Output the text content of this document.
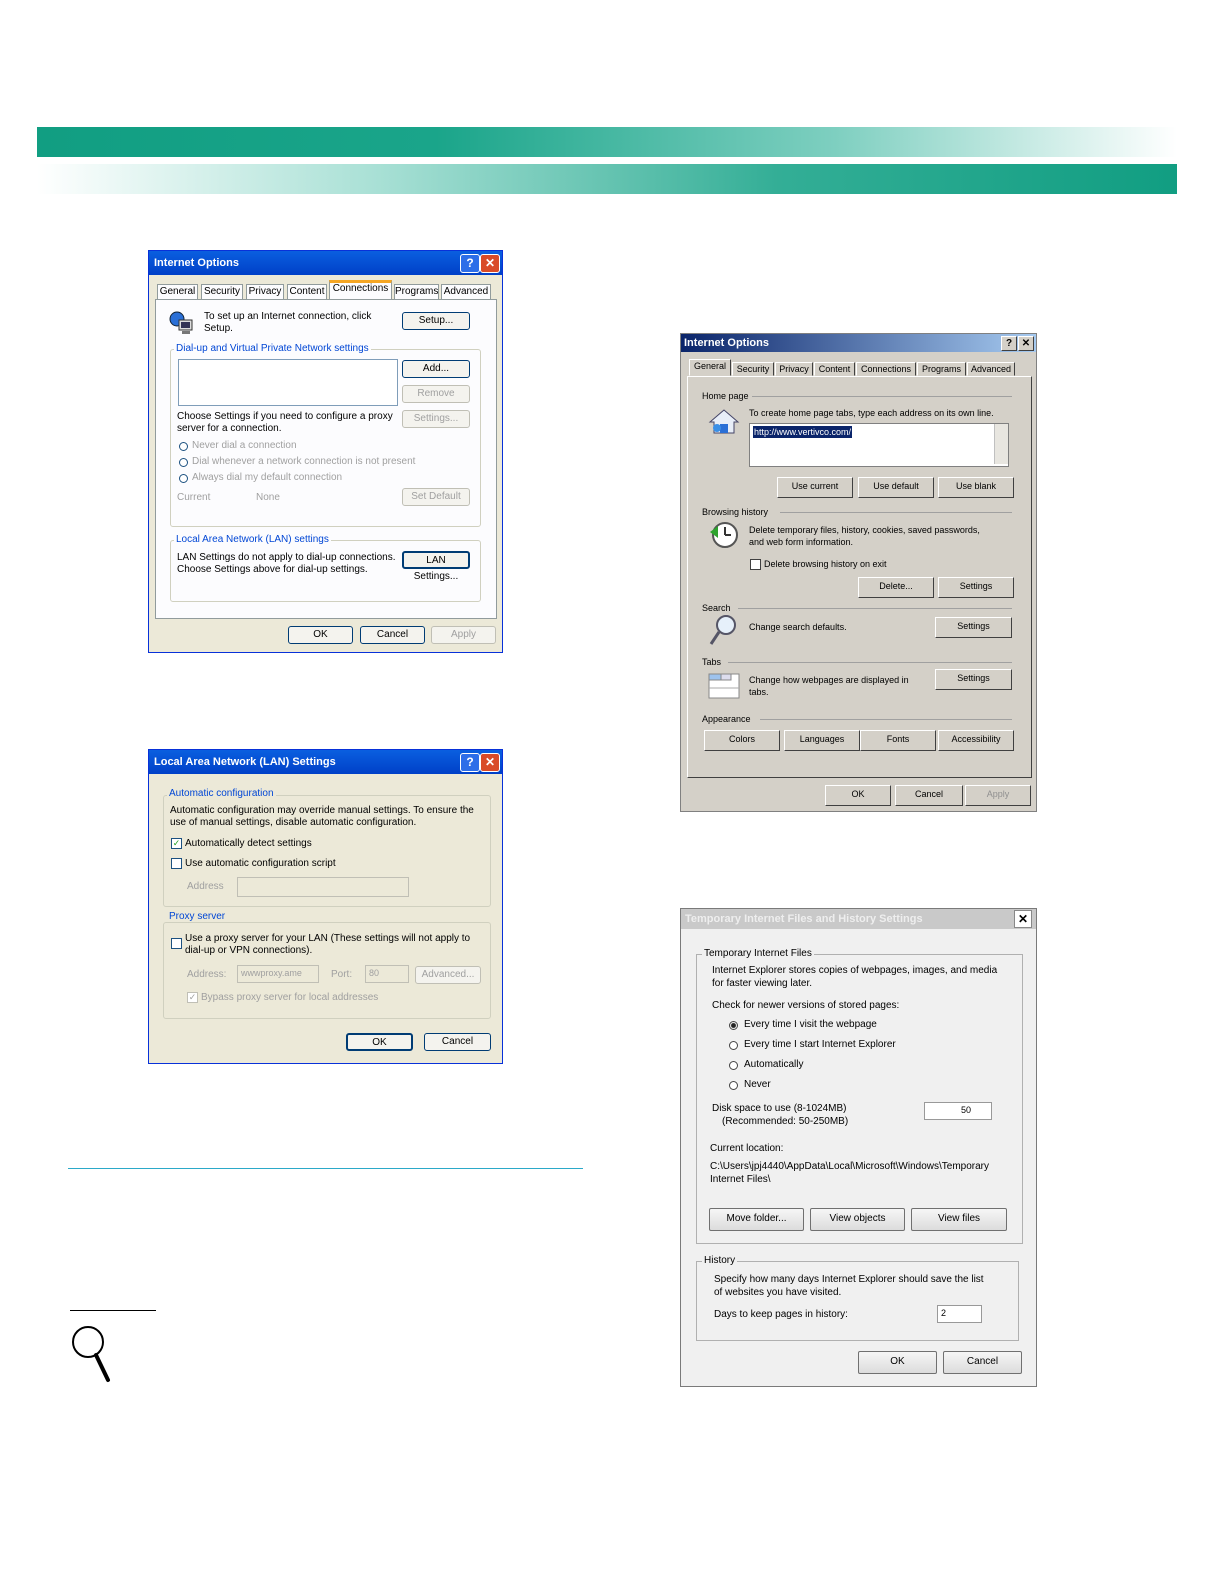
Internet Options	? ✕
General Security Privacy Content Connections Programs Advanced
To set up an Internet connection, click
Setup.
Setup...
Dial-up and Virtual Private Network settings
Add...
Remove
Choose Settings if you need to configure a proxy
server for a connection.
Settings...
Never dial a connection
Dial whenever a network connection is not present
Always dial my default connection
Current	None	Set Default
Local Area Network (LAN) settings
LAN Settings do not apply to dial-up connections.
Choose Settings above for dial-up settings.
LAN Settings...
OK	Cancel	Apply
Local Area Network (LAN) Settings	? ✕
Automatic configuration
Automatic configuration may override manual settings. To ensure the
use of manual settings, disable automatic configuration.
✓ Automatically detect settings
Use automatic configuration script
Address
Proxy server
Use a proxy server for your LAN (These settings will not apply to
dial-up or VPN connections).
Address:	wwwproxy.ame	Port:	80	Advanced...
✓ Bypass proxy server for local addresses
OK	Cancel
Internet Options	? ✕
General	Security	Privacy	Content	Connections	Programs	Advanced
Home page
To create home page tabs, type each address on its own line.
http://www.vertivco.com/
Use current	Use default	Use blank
Browsing history
Delete temporary files, history, cookies, saved passwords,
and web form information.
Delete browsing history on exit
Delete...	Settings
Search
Change search defaults.	Settings
Tabs
Change how webpages are displayed in
tabs.
Settings
Appearance
Colors	Languages	Fonts	Accessibility
OK	Cancel	Apply
Temporary Internet Files and History Settings	✕
Temporary Internet Files
Internet Explorer stores copies of webpages, images, and media
for faster viewing later.
Check for newer versions of stored pages:
Every time I visit the webpage
Every time I start Internet Explorer
Automatically
Never
Disk space to use (8-1024MB)
(Recommended: 50-250MB)
50
Current location:
C:\Users\jpj4440\AppData\Local\Microsoft\Windows\Temporary
Internet Files\
Move folder...	View objects	View files
History
Specify how many days Internet Explorer should save the list
of websites you have visited.
Days to keep pages in history:	2
OK	Cancel
